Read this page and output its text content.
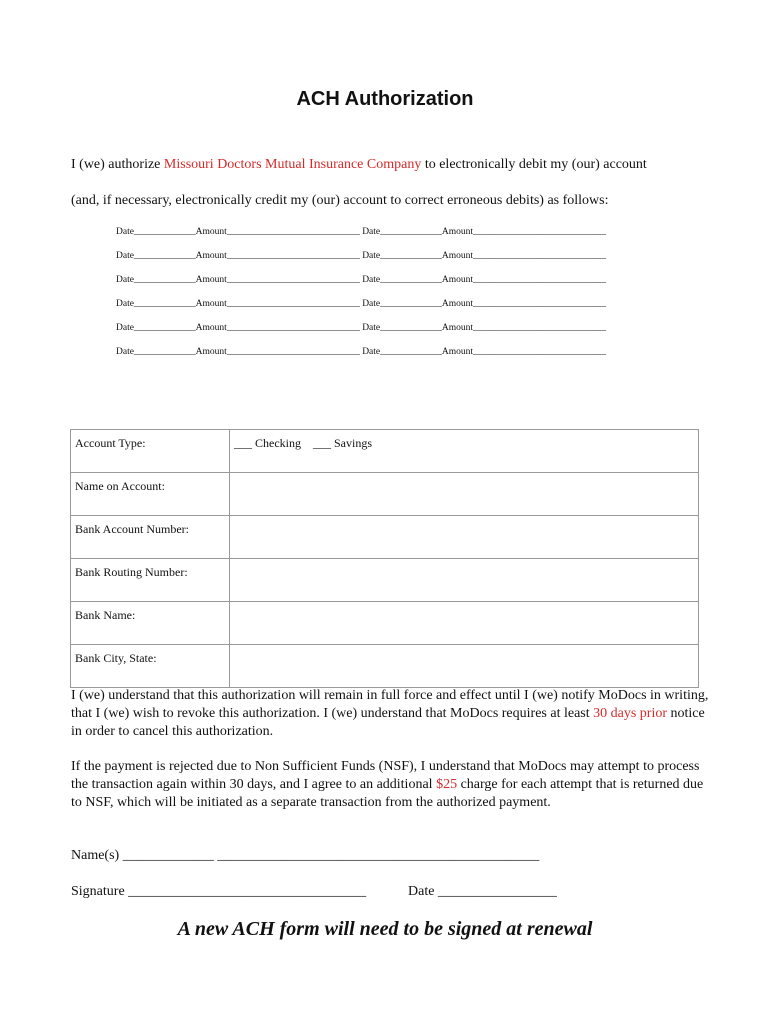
ACH Authorization
I (we) authorize Missouri Doctors Mutual Insurance Company to electronically debit my (our) account
(and, if necessary, electronically credit my (our) account to correct erroneous debits) as follows:
Date_____________Amount____________________________ Date_____________Amount____________________________
Date_____________Amount____________________________ Date_____________Amount____________________________
Date_____________Amount____________________________ Date_____________Amount____________________________
Date_____________Amount____________________________ Date_____________Amount____________________________
Date_____________Amount____________________________ Date_____________Amount____________________________
Date_____________Amount____________________________ Date_____________Amount____________________________
Account Type:	___ Checking    ___ Savings
Name on Account:	
Bank Account Number:	
Bank Routing Number:	
Bank Name:	
Bank City, State:	
I (we) understand that this authorization will remain in full force and effect until I (we) notify MoDocs in writing, that I (we) wish to revoke this authorization. I (we) understand that MoDocs requires at least 30 days prior notice in order to cancel this authorization.
If the payment is rejected due to Non Sufficient Funds (NSF), I understand that MoDocs may attempt to process the transaction again within 30 days, and I agree to an additional $25 charge for each attempt that is returned due to NSF, which will be initiated as a separate transaction from the authorized payment.
Name(s) _____________ ______________________________________________
Signature __________________________________	Date _________________
A new ACH form will need to be signed at renewal
